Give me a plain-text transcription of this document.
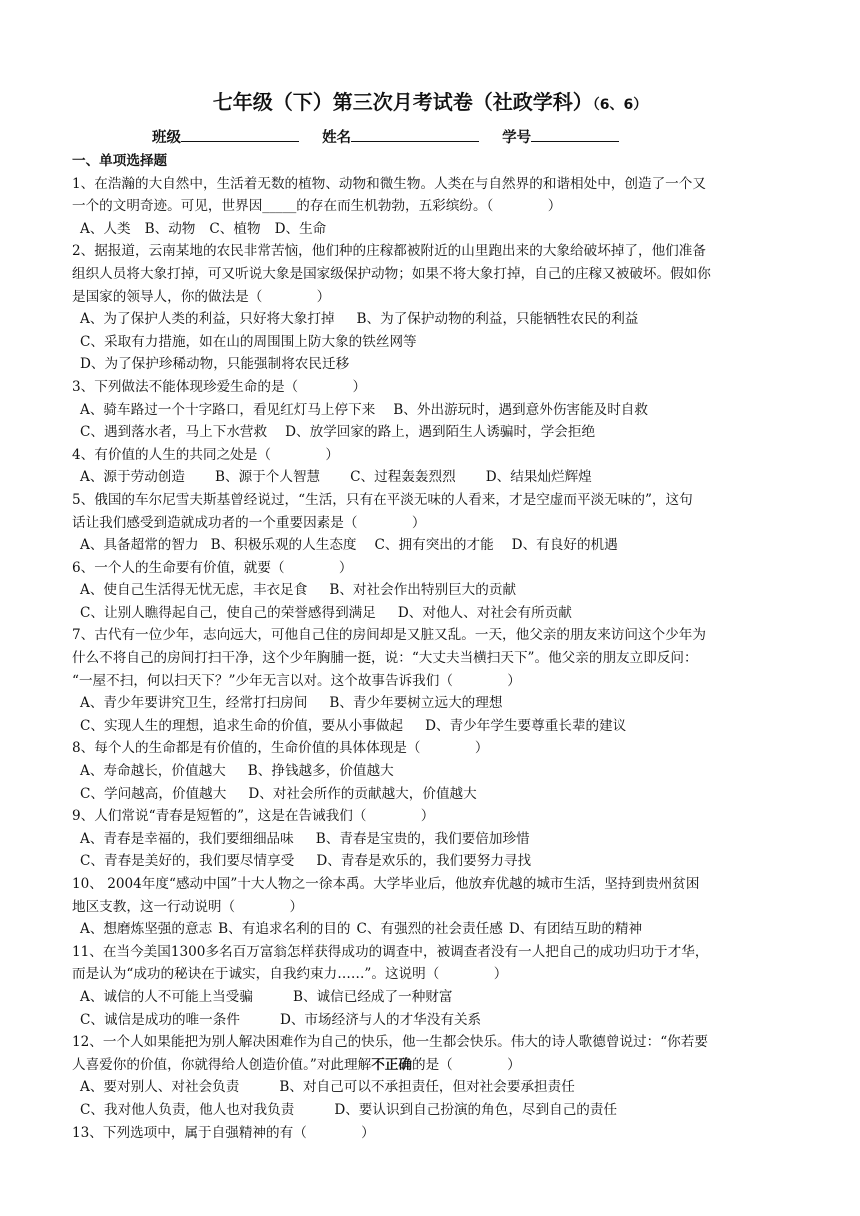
七年级（下）第三次月考试卷（社政学科）（6、6）
班级	姓名	学号
一、单项选择题
1、在浩瀚的大自然中，生活着无数的植物、动物和微生物。人类在与自然界的和谐相处中，创造了一个又
一个的文明奇迹。可见，世界因_____的存在而生机勃勃，五彩缤纷。（　　　　）
A、人类 B、动物 C、植物 D、生命
2、据报道，云南某地的农民非常苦恼，他们种的庄稼都被附近的山里跑出来的大象给破坏掉了，他们准备
组织人员将大象打掉，可又听说大象是国家级保护动物；如果不将大象打掉，自己的庄稼又被破坏。假如你
是国家的领导人，你的做法是（　　　　）
A、为了保护人类的利益，只好将大象打掉 B、为了保护动物的利益，只能牺牲农民的利益
C、采取有力措施，如在山的周围围上防大象的铁丝网等
D、为了保护珍稀动物，只能强制将农民迁移
3、下列做法不能体现珍爱生命的是（　　　　）
A、骑车路过一个十字路口，看见红灯马上停下来 B、外出游玩时，遇到意外伤害能及时自救
C、遇到落水者，马上下水营救 D、放学回家的路上，遇到陌生人诱骗时，学会拒绝
4、有价值的人生的共同之处是（　　　　）
A、源于劳动创造 B、源于个人智慧 C、过程轰轰烈烈 D、结果灿烂辉煌
5、俄国的车尔尼雪夫斯基曾经说过，“生活，只有在平淡无味的人看来，才是空虚而平淡无味的”，这句
话让我们感受到造就成功者的一个重要因素是（　　　　）
A、具备超常的智力 B、积极乐观的人生态度 C、拥有突出的才能 D、有良好的机遇
6、一个人的生命要有价值，就要（　　　　）
A、使自己生活得无忧无虑，丰衣足食 B、对社会作出特别巨大的贡献
C、让别人瞧得起自己，使自己的荣誉感得到满足 D、对他人、对社会有所贡献
7、古代有一位少年，志向远大，可他自己住的房间却是又脏又乱。一天，他父亲的朋友来访问这个少年为
什么不将自己的房间打扫干净，这个少年胸脯一挺，说：“大丈夫当横扫天下”。他父亲的朋友立即反问：
“一屋不扫，何以扫天下？”少年无言以对。这个故事告诉我们（　　　　）
A、青少年要讲究卫生，经常打扫房间 B、青少年要树立远大的理想
C、实现人生的理想，追求生命的价值，要从小事做起 D、青少年学生要尊重长辈的建议
8、每个人的生命都是有价值的，生命价值的具体体现是（　　　　）
A、寿命越长，价值越大 B、挣钱越多，价值越大
C、学问越高，价值越大 D、对社会所作的贡献越大，价值越大
9、人们常说“青春是短暂的”，这是在告诫我们（　　　　）
A、青春是幸福的，我们要细细品味 B、青春是宝贵的，我们要倍加珍惜
C、青春是美好的，我们要尽情享受 D、青春是欢乐的，我们要努力寻找
10、 2004年度“感动中国”十大人物之一徐本禹。大学毕业后，他放弃优越的城市生活，坚持到贵州贫困
地区支教，这一行动说明（　　　　）
A、想磨炼坚强的意志 B、有追求名利的目的 C、有强烈的社会责任感 D、有团结互助的精神
11、在当今美国1300多名百万富翁怎样获得成功的调查中，被调查者没有一人把自己的成功归功于才华，
而是认为“成功的秘诀在于诚实，自我约束力……”。这说明（　　　　）
A、诚信的人不可能上当受骗	B、诚信已经成了一种财富
C、诚信是成功的唯一条件	D、市场经济与人的才华没有关系
12、一个人如果能把为别人解决困难作为自己的快乐，他一生都会快乐。伟大的诗人歌德曾说过：“你若要
人喜爱你的价值，你就得给人创造价值。”对此理解不正确的是（　　　　）
A、要对别人、对社会负责	B、对自己可以不承担责任，但对社会要承担责任
C、我对他人负责，他人也对我负责	D、要认识到自己扮演的角色，尽到自己的责任
13、下列选项中，属于自强精神的有（　　　　）
